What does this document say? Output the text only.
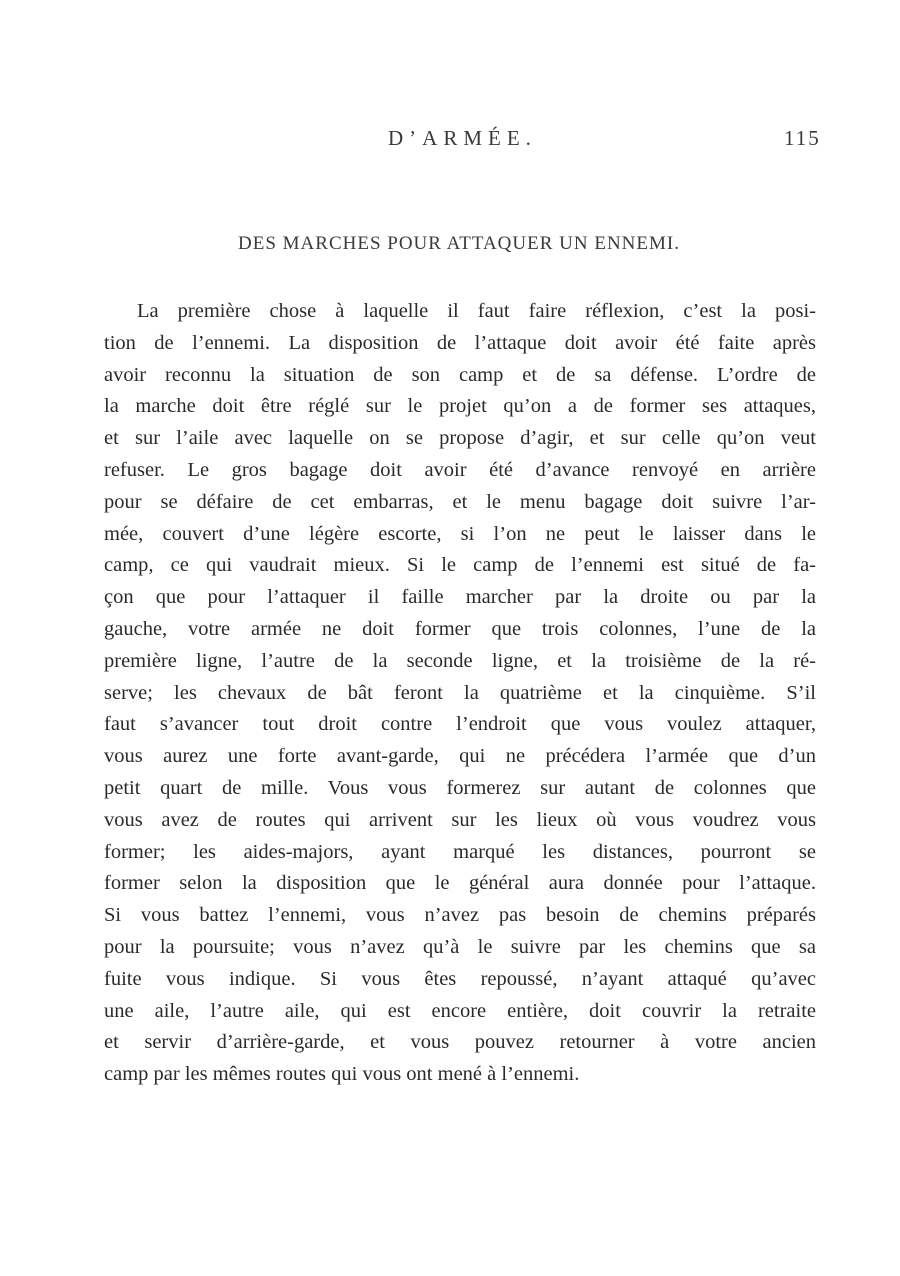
D’ARMÉE.	115
DES MARCHES POUR ATTAQUER UN ENNEMI.
La première chose à laquelle il faut faire réflexion, c’est la posi-
tion de l’ennemi. La disposition de l’attaque doit avoir été faite après
avoir reconnu la situation de son camp et de sa défense. L’ordre de
la marche doit être réglé sur le projet qu’on a de former ses attaques,
et sur l’aile avec laquelle on se propose d’agir, et sur celle qu’on veut
refuser. Le gros bagage doit avoir été d’avance renvoyé en arrière
pour se défaire de cet embarras, et le menu bagage doit suivre l’ar-
mée, couvert d’une légère escorte, si l’on ne peut le laisser dans le
camp, ce qui vaudrait mieux. Si le camp de l’ennemi est situé de fa-
çon que pour l’attaquer il faille marcher par la droite ou par la
gauche, votre armée ne doit former que trois colonnes, l’une de la
première ligne, l’autre de la seconde ligne, et la troisième de la ré-
serve; les chevaux de bât feront la quatrième et la cinquième. S’il
faut s’avancer tout droit contre l’endroit que vous voulez attaquer,
vous aurez une forte avant-garde, qui ne précédera l’armée que d’un
petit quart de mille. Vous vous formerez sur autant de colonnes que
vous avez de routes qui arrivent sur les lieux où vous voudrez vous
former; les aides-majors, ayant marqué les distances, pourront se
former selon la disposition que le général aura donnée pour l’attaque.
Si vous battez l’ennemi, vous n’avez pas besoin de chemins préparés
pour la poursuite; vous n’avez qu’à le suivre par les chemins que sa
fuite vous indique. Si vous êtes repoussé, n’ayant attaqué qu’avec
une aile, l’autre aile, qui est encore entière, doit couvrir la retraite
et servir d’arrière-garde, et vous pouvez retourner à votre ancien
camp par les mêmes routes qui vous ont mené à l’ennemi.
